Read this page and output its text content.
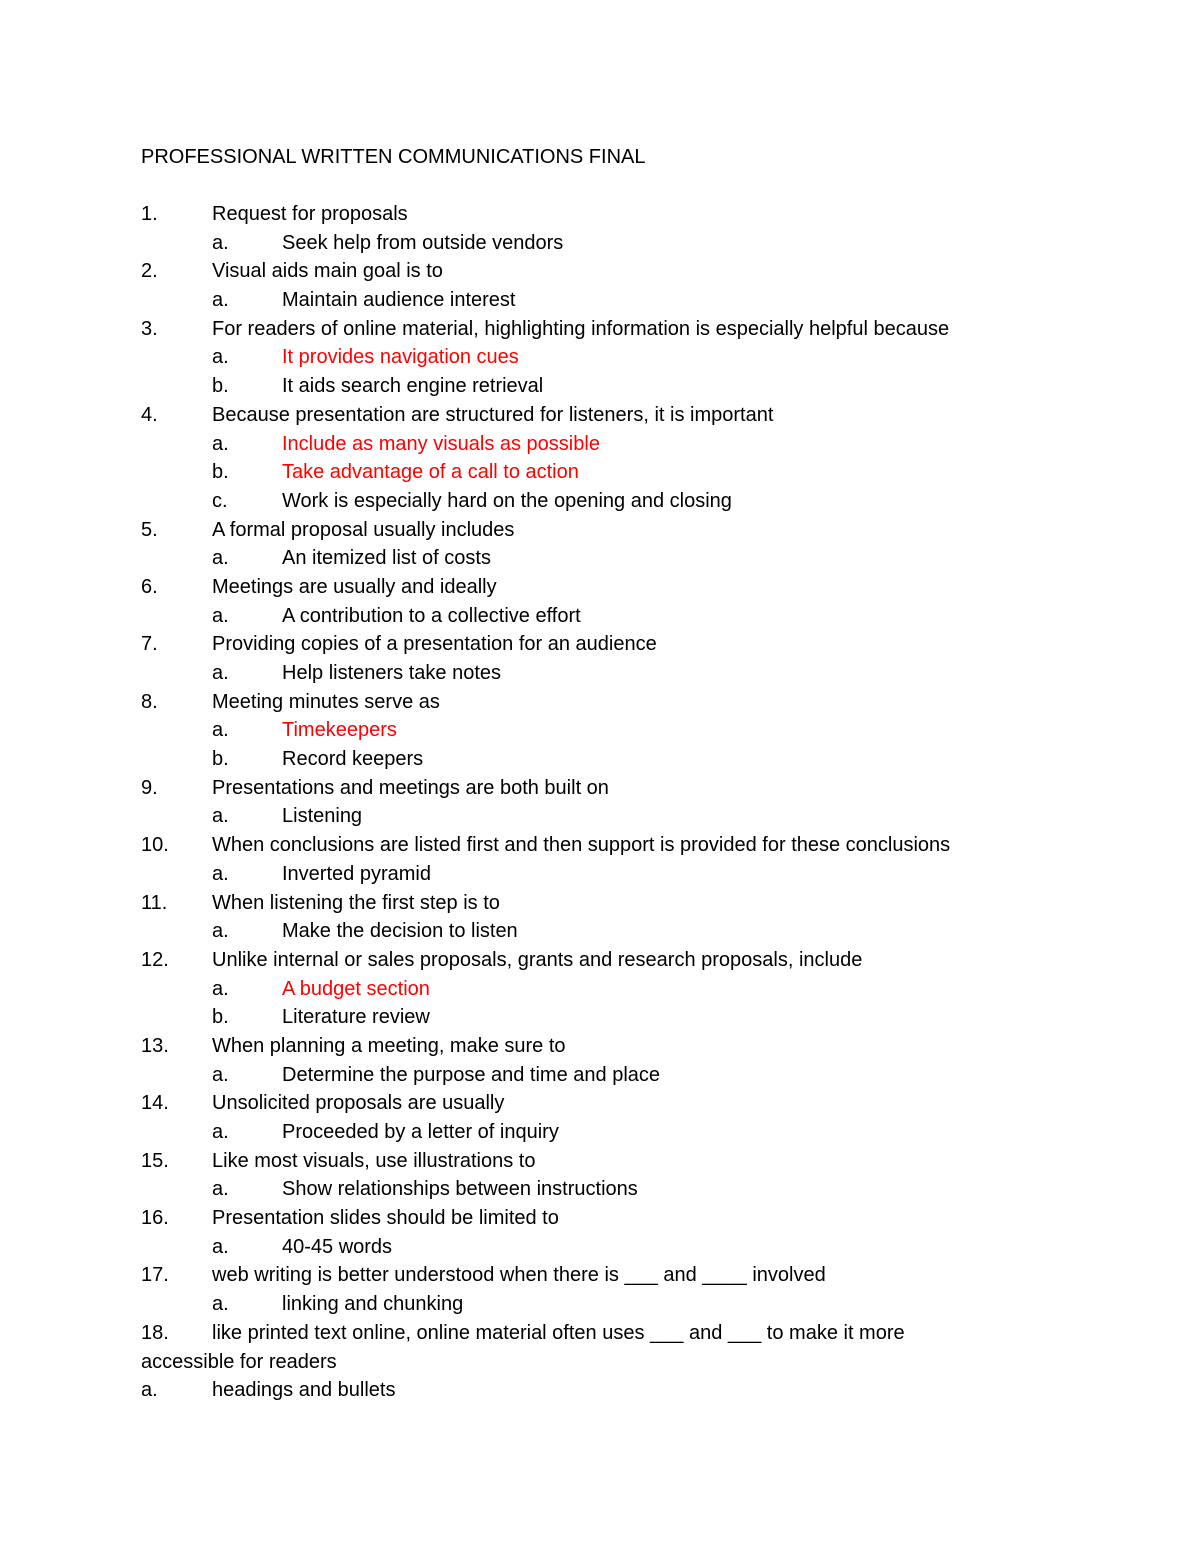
PROFESSIONAL WRITTEN COMMUNICATIONS FINAL
1.	Request for proposals
a.	Seek help from outside vendors
2.	Visual aids main goal is to
a.	Maintain audience interest
3.	For readers of online material, highlighting information is especially helpful because
a.	It provides navigation cues
b.	It aids search engine retrieval
4.	Because presentation are structured for listeners, it is important
a.	Include as many visuals as possible
b.	Take advantage of a call to action
c.	Work is especially hard on the opening and closing
5.	A formal proposal usually includes
a.	An itemized list of costs
6.	Meetings are usually and ideally
a.	A contribution to a collective effort
7.	Providing copies of a presentation for an audience
a.	Help listeners take notes
8.	Meeting minutes serve as
a.	Timekeepers
b.	Record keepers
9.	Presentations and meetings are both built on
a.	Listening
10. When conclusions are listed first and then support is provided for these conclusions
a.	Inverted pyramid
11. When listening the first step is to
a.	Make the decision to listen
12. Unlike internal or sales proposals, grants and research proposals, include
a.	A budget section
b.	Literature review
13. When planning a meeting, make sure to
a.	Determine the purpose and time and place
14. Unsolicited proposals are usually
a.	Proceeded by a letter of inquiry
15. Like most visuals, use illustrations to
a.	Show relationships between instructions
16. Presentation slides should be limited to
a.	40-45 words
17. web writing is better understood when there is ___ and ____ involved
a.	linking and chunking
18. like printed text online, online material often uses ___ and ___ to make it more
accessible for readers
a.	headings and bullets
